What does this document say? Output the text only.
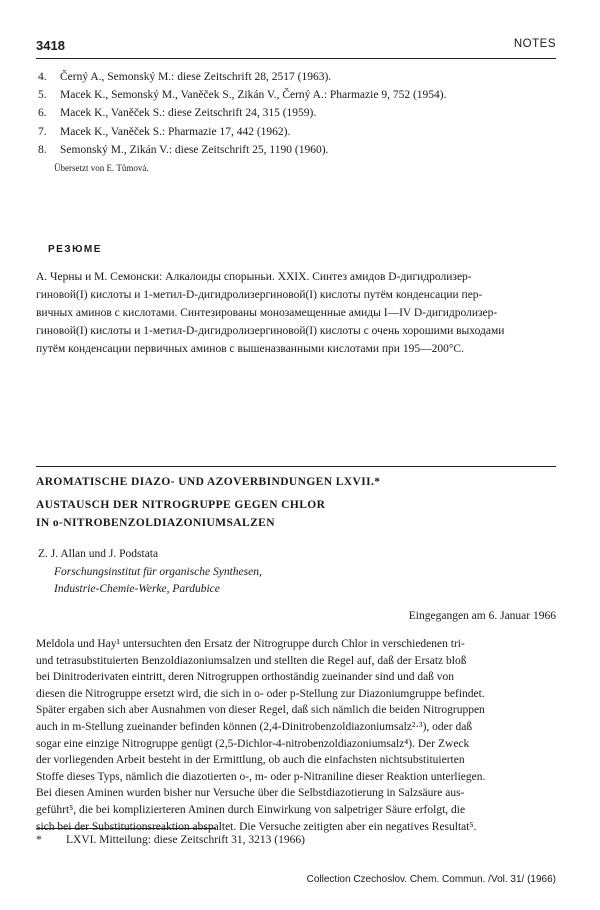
3418	NOTES
4. Černý A., Semonský M.: diese Zeitschrift 28, 2517 (1963).
5. Macek K., Semonský M., Vaněček S., Zikán V., Černý A.: Pharmazie 9, 752 (1954).
6. Macek K., Vaněček S.: diese Zeitschrift 24, 315 (1959).
7. Macek K., Vaněček S.: Pharmazie 17, 442 (1962).
8. Semonský M., Zikán V.: diese Zeitschrift 25, 1190 (1960).
Übersetzt von E. Tůmová.
РЕЗЮМЕ
А. Черны и М. Семонски: Алкалоиды спорыньи. XXIX. Синтез амидов D-дигидролизер-
гиновой(I) кислоты и 1-метил-D-дигидролизергиновой(I) кислоты путём конденсации пер-
вичных аминов с кислотами. Синтезированы монозамещенные амиды I—IV D-дигидролизер-
гиновой(I) кислоты и 1-метил-D-дигидролизергиновой(I) кислоты с очень хорошими выходами
путём конденсации первичных аминов с вышеназванными кислотами при 195—200°C.
AROMATISCHE DIAZO- UND AZOVERBINDUNGEN LXVII.*
AUSTAUSCH DER NITROGRUPPE GEGEN CHLOR
IN o-NITROBENZOLDIAZONIUMSALZEN
Z. J. Allan und J. Podstata
Forschungsinstitut für organische Synthesen,
Industrie-Chemie-Werke, Pardubice
Eingegangen am 6. Januar 1966
Meldola und Hay¹ untersuchten den Ersatz der Nitrogruppe durch Chlor in verschiedenen tri-
und tetrasubstituierten Benzoldiazoniumsalzen und stellten die Regel auf, daß der Ersatz bloß
bei Dinitroderivaten eintritt, deren Nitrogruppen orthoständig zueinander sind und daß von
diesen die Nitrogruppe ersetzt wird, die sich in o- oder p-Stellung zur Diazoniumgruppe befindet.
Später ergaben sich aber Ausnahmen von dieser Regel, daß sich nämlich die beiden Nitrogruppen
auch in m-Stellung zueinander befinden können (2,4-Dinitrobenzoldiazoniumsalz²·³), oder daß
sogar eine einzige Nitrogruppe genügt (2,5-Dichlor-4-nitrobenzoldiazoniumsalz⁴). Der Zweck
der vorliegenden Arbeit besteht in der Ermittlung, ob auch die einfachsten nichtsubstituierten
Stoffe dieses Typs, nämlich die diazotierten o-, m- oder p-Nitraniline dieser Reaktion unterliegen.
Bei diesen Aminen wurden bisher nur Versuche über die Selbstdiazotierung in Salzsäure aus-
geführt⁵, die bei komplizierteren Aminen durch Einwirkung von salpetriger Säure erfolgt, die
sich bei der Substitutionsreaktion abspaltet. Die Versuche zeitigten aber ein negatives Resultat⁵.
* LXVI. Mitteilung: diese Zeitschrift 31, 3213 (1966)
Collection Czechoslov. Chem. Commun. /Vol. 31/ (1966)
